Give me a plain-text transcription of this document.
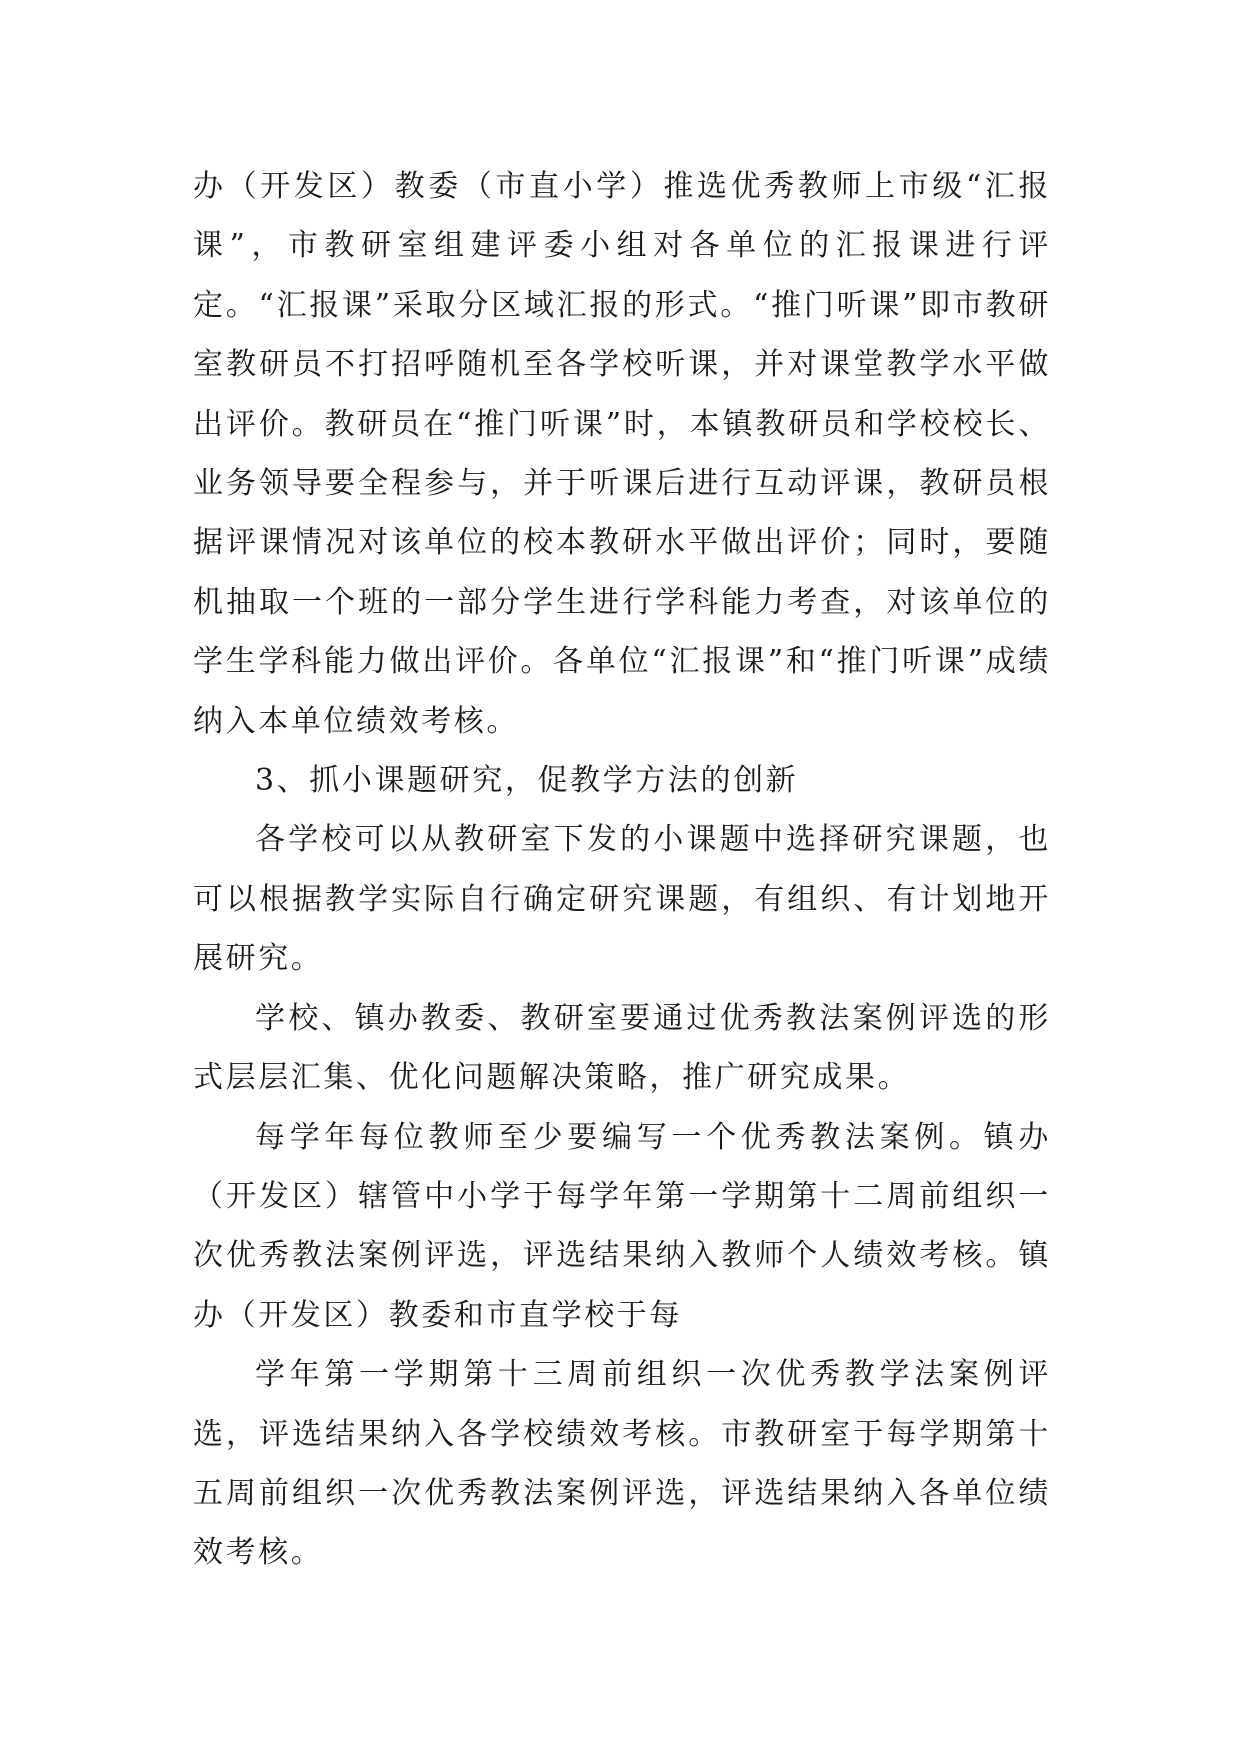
办（开发区）教委（市直小学）推选优秀教师上市级“汇报课”，市教研室组建评委小组对各单位的汇报课进行评定。“汇报课”采取分区域汇报的形式。“推门听课”即市教研室教研员不打招呼随机至各学校听课，并对课堂教学水平做出评价。教研员在“推门听课”时，本镇教研员和学校校长、业务领导要全程参与，并于听课后进行互动评课，教研员根据评课情况对该单位的校本教研水平做出评价；同时，要随机抽取一个班的一部分学生进行学科能力考查，对该单位的学生学科能力做出评价。各单位“汇报课”和“推门听课”成绩纳入本单位绩效考核。

3、抓小课题研究，促教学方法的创新

各学校可以从教研室下发的小课题中选择研究课题，也可以根据教学实际自行确定研究课题，有组织、有计划地开展研究。

学校、镇办教委、教研室要通过优秀教法案例评选的形式层层汇集、优化问题解决策略，推广研究成果。

每学年每位教师至少要编写一个优秀教法案例。镇办（开发区）辖管中小学于每学年第一学期第十二周前组织一次优秀教法案例评选，评选结果纳入教师个人绩效考核。镇办（开发区）教委和市直学校于每

学年第一学期第十三周前组织一次优秀教学法案例评选，评选结果纳入各学校绩效考核。市教研室于每学期第十五周前组织一次优秀教法案例评选，评选结果纳入各单位绩效考核。
